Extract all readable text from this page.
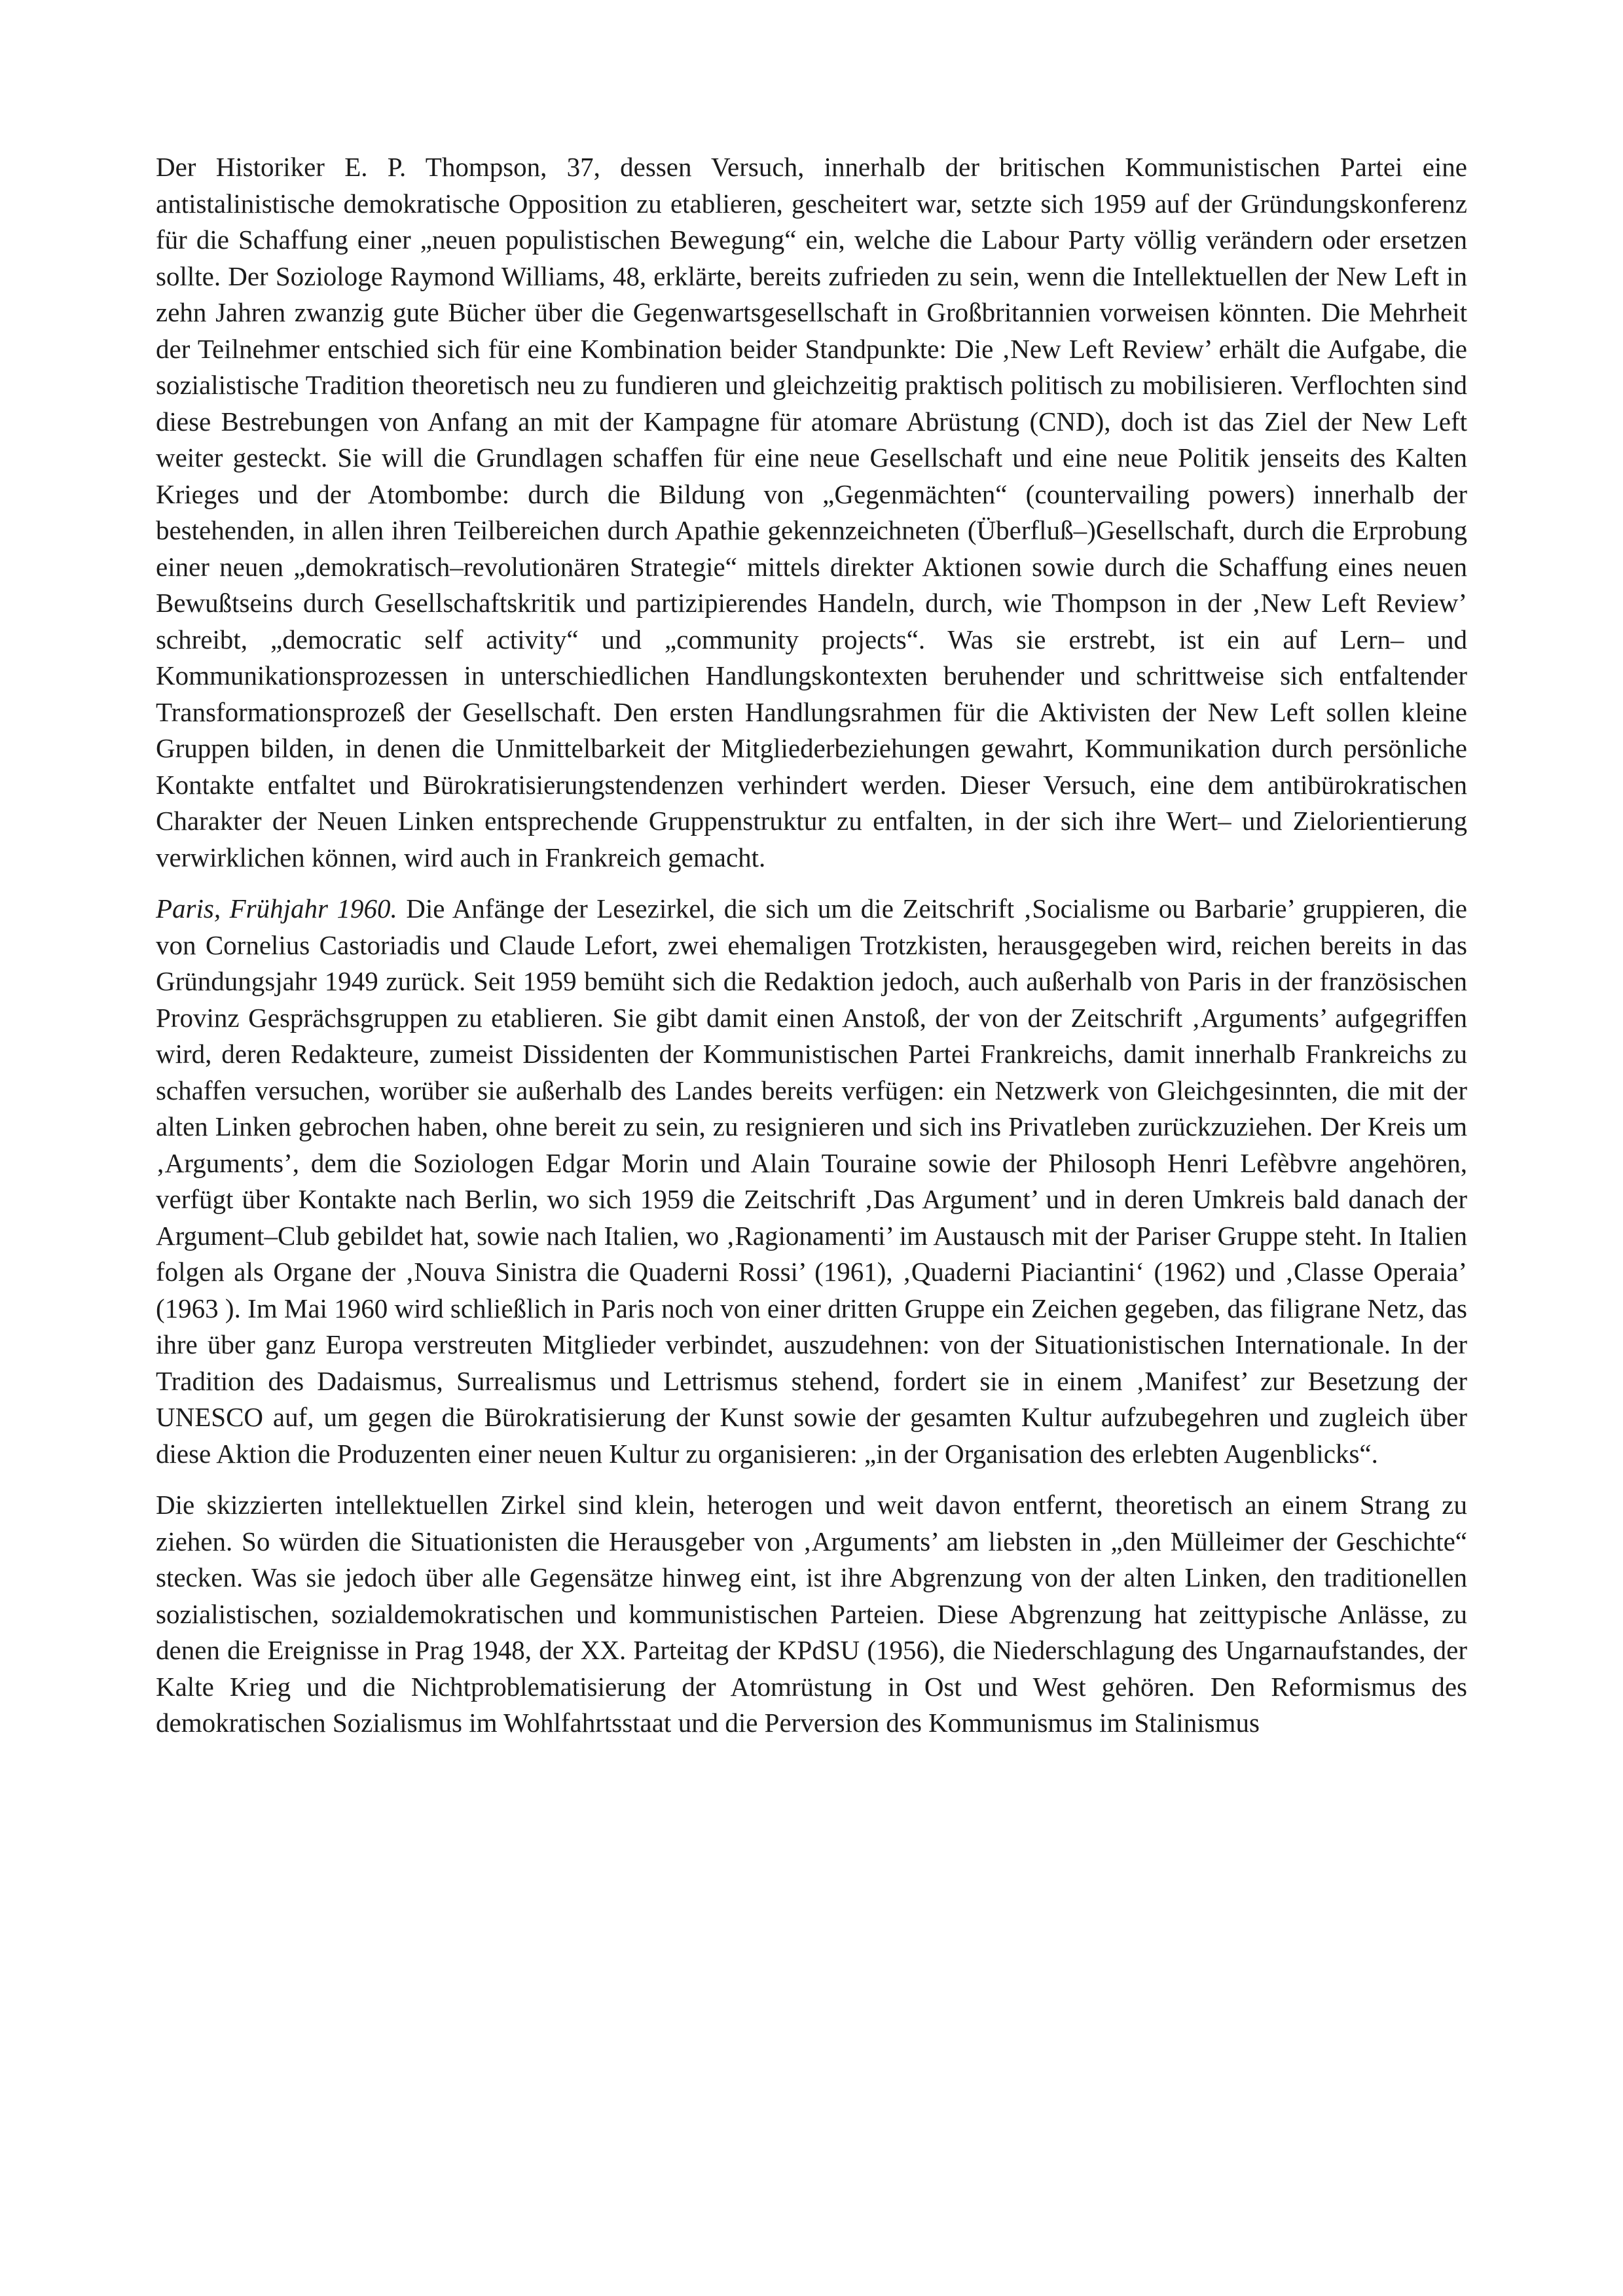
Der Historiker E. P. Thompson, 37, dessen Versuch, innerhalb der britischen Kommunistischen Partei eine antistalinistische demokratische Opposition zu etablieren, gescheitert war, setzte sich 1959 auf der Gründungskonferenz für die Schaffung einer „neuen populistischen Bewegung“ ein, welche die Labour Party völlig verändern oder ersetzen sollte. Der Soziologe Raymond Williams, 48, erklärte, bereits zufrieden zu sein, wenn die Intellektuellen der New Left in zehn Jahren zwanzig gute Bücher über die Gegenwartsgesellschaft in Großbritannien vorweisen könnten. Die Mehrheit der Teilnehmer entschied sich für eine Kombination beider Standpunkte: Die ‚New Left Review’ erhält die Aufgabe, die sozialistische Tradition theoretisch neu zu fundieren und gleichzeitig praktisch politisch zu mobilisieren. Verflochten sind diese Bestrebungen von Anfang an mit der Kampagne für atomare Abrüstung (CND), doch ist das Ziel der New Left weiter gesteckt. Sie will die Grundlagen schaffen für eine neue Gesellschaft und eine neue Politik jenseits des Kalten Krieges und der Atombombe: durch die Bildung von „Gegenmächten“ (countervailing powers) innerhalb der bestehenden, in allen ihren Teilbereichen durch Apathie gekennzeichneten (Überfluß–)Gesellschaft, durch die Erprobung einer neuen „demokratisch–revolutionären Strategie“ mittels direkter Aktionen sowie durch die Schaffung eines neuen Bewußtseins durch Gesellschaftskritik und partizipierendes Handeln, durch, wie Thompson in der ‚New Left Review’ schreibt, „democratic self activity“ und „community projects“. Was sie erstrebt, ist ein auf Lern– und Kommunikationsprozessen in unterschiedlichen Handlungskontexten beruhender und schrittweise sich entfaltender Transformationsprozeß der Gesellschaft. Den ersten Handlungsrahmen für die Aktivisten der New Left sollen kleine Gruppen bilden, in denen die Unmittelbarkeit der Mitgliederbeziehungen gewahrt, Kommunikation durch persönliche Kontakte entfaltet und Bürokratisierungstendenzen verhindert werden. Dieser Versuch, eine dem antibürokratischen Charakter der Neuen Linken entsprechende Gruppenstruktur zu entfalten, in der sich ihre Wert– und Zielorientierung verwirklichen können, wird auch in Frankreich gemacht.

Paris, Frühjahr 1960. Die Anfänge der Lesezirkel, die sich um die Zeitschrift ‚Socialisme ou Barbarie’ gruppieren, die von Cornelius Castoriadis und Claude Lefort, zwei ehemaligen Trotzkisten, herausgegeben wird, reichen bereits in das Gründungsjahr 1949 zurück. Seit 1959 bemüht sich die Redaktion jedoch, auch außerhalb von Paris in der französischen Provinz Gesprächsgruppen zu etablieren. Sie gibt damit einen Anstoß, der von der Zeitschrift ‚Arguments’ aufgegriffen wird, deren Redakteure, zumeist Dissidenten der Kommunistischen Partei Frankreichs, damit innerhalb Frankreichs zu schaffen versuchen, worüber sie außerhalb des Landes bereits verfügen: ein Netzwerk von Gleichgesinnten, die mit der alten Linken gebrochen haben, ohne bereit zu sein, zu resignieren und sich ins Privatleben zurückzuziehen. Der Kreis um ‚Arguments’, dem die Soziologen Edgar Morin und Alain Touraine sowie der Philosoph Henri Lefèbvre angehören, verfügt über Kontakte nach Berlin, wo sich 1959 die Zeitschrift ‚Das Argument’ und in deren Umkreis bald danach der Argument–Club gebildet hat, sowie nach Italien, wo ‚Ragionamenti’ im Austausch mit der Pariser Gruppe steht. In Italien folgen als Organe der ‚Nouva Sinistra die Quaderni Rossi’ (1961), ‚Quaderni Piaciantini‘ (1962) und ‚Classe Operaia’ (1963 ). Im Mai 1960 wird schließlich in Paris noch von einer dritten Gruppe ein Zeichen gegeben, das filigrane Netz, das ihre über ganz Europa verstreuten Mitglieder verbindet, auszudehnen: von der Situationistischen Internationale. In der Tradition des Dadaismus, Surrealismus und Lettrismus stehend, fordert sie in einem ‚Manifest’ zur Besetzung der UNESCO auf, um gegen die Bürokratisierung der Kunst sowie der gesamten Kultur aufzubegehren und zugleich über diese Aktion die Produzenten einer neuen Kultur zu organisieren: „in der Organisation des erlebten Augenblicks“.

Die skizzierten intellektuellen Zirkel sind klein, heterogen und weit davon entfernt, theoretisch an einem Strang zu ziehen. So würden die Situationisten die Herausgeber von ‚Arguments’ am liebsten in „den Mülleimer der Geschichte“ stecken. Was sie jedoch über alle Gegensätze hinweg eint, ist ihre Abgrenzung von der alten Linken, den traditionellen sozialistischen, sozialdemokratischen und kommunistischen Parteien. Diese Abgrenzung hat zeittypische Anlässe, zu denen die Ereignisse in Prag 1948, der XX. Parteitag der KPdSU (1956), die Niederschlagung des Ungarnaufstandes, der Kalte Krieg und die Nichtproblematisierung der Atomrüstung in Ost und West gehören. Den Reformismus des demokratischen Sozialismus im Wohlfahrtsstaat und die Perversion des Kommunismus im Stalinismus
